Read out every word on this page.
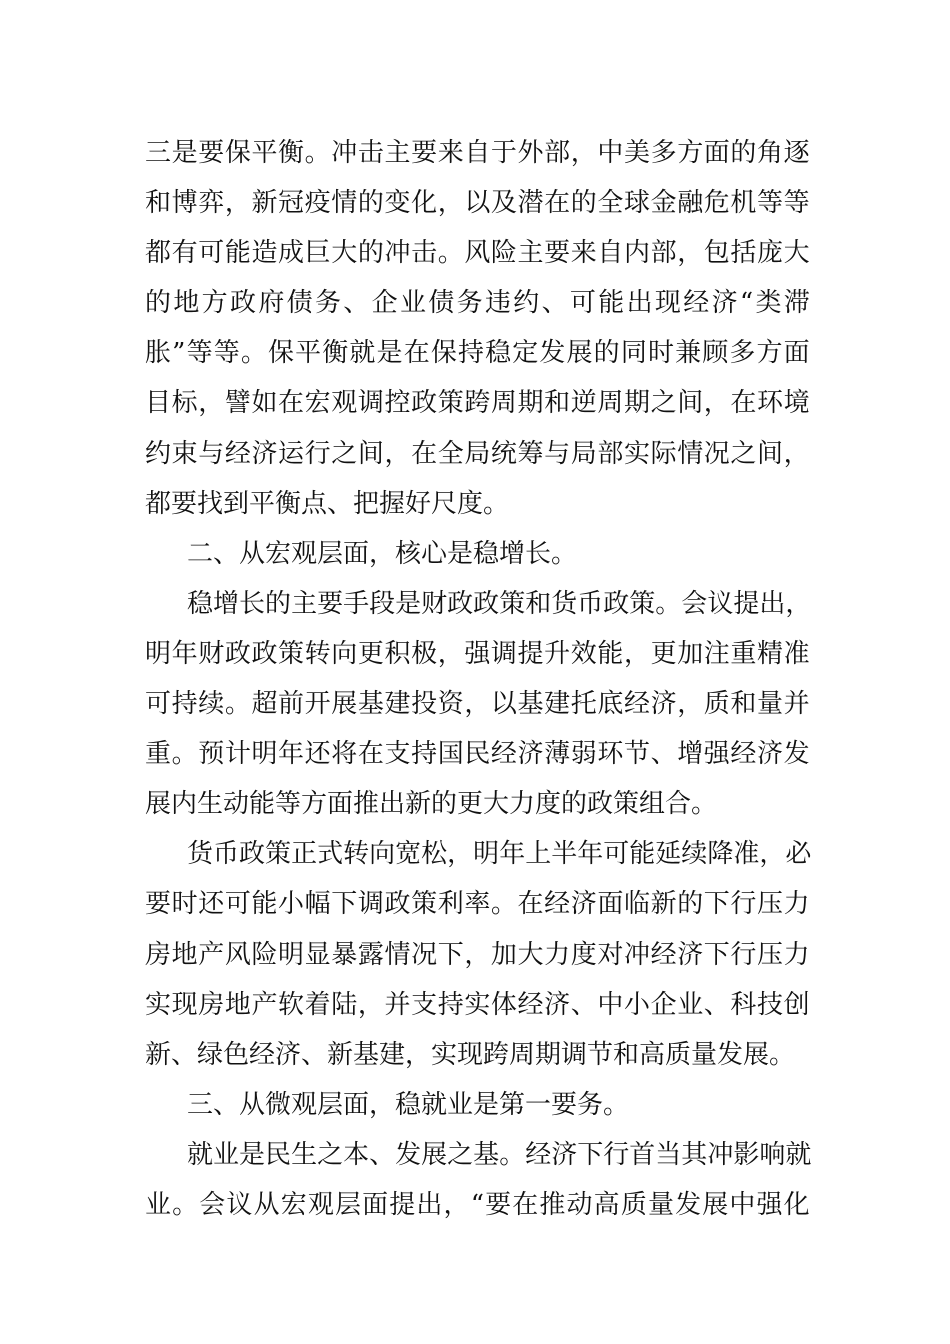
三 是 要 保 平 衡 。 冲 击 主 要 来 自 于 外 部 ， 中 美 多 方 面 的 角 逐
和 博 弈 ， 新 冠 疫 情 的 变 化 ， 以 及 潜 在 的 全 球 金 融 危 机 等 等
都 有 可 能 造 成 巨 大 的 冲 击 。 风 险 主 要 来 自 内 部 ， 包 括 庞 大
的 地 方 政 府 债 务 、 企 业 债 务 违 约 、 可 能 出 现 经 济 “ 类 滞
胀 ” 等 等 。 保 平 衡 就 是 在 保 持 稳 定 发 展 的 同 时 兼 顾 多 方 面
目 标 ， 譬 如 在 宏 观 调 控 政 策 跨 周 期 和 逆 周 期 之 间 ， 在 环 境
约 束 与 经 济 运 行 之 间 ， 在 全 局 统 筹 与 局 部 实 际 情 况 之 间 ，
都要找到平衡点、把握好尺度。
二、从宏观层面，核心是稳增长。
稳 增 长 的 主 要 手 段 是 财 政 政 策 和 货 币 政 策 。 会 议 提 出 ，
明 年 财 政 政 策 转 向 更 积 极 ， 强 调 提 升 效 能 ， 更 加 注 重 精 准
可 持 续 。 超 前 开 展 基 建 投 资 ， 以 基 建 托 底 经 济 ， 质 和 量 并
重 。 预 计 明 年 还 将 在 支 持 国 民 经 济 薄 弱 环 节 、 增 强 经 济 发
展内生动能等方面推出新的更大力度的政策组合。
货 币 政 策 正 式 转 向 宽 松 ， 明 年 上 半 年 可 能 延 续 降 准 ， 必
要 时 还 可 能 小 幅 下 调 政 策 利 率 。 在 经 济 面 临 新 的 下 行 压 力
房 地 产 风 险 明 显 暴 露 情 况 下 ， 加 大 力 度 对 冲 经 济 下 行 压 力
实 现 房 地 产 软 着 陆 ， 并 支 持 实 体 经 济 、 中 小 企 业 、 科 技 创
新、绿色经济、新基建，实现跨周期调节和高质量发展。
三、从微观层面，稳就业是第一要务。
就 业 是 民 生 之 本 、 发 展 之 基 。 经 济 下 行 首 当 其 冲 影 响 就
业 。 会 议 从 宏 观 层 面 提 出 ， “ 要 在 推 动 高 质 量 发 展 中 强 化
